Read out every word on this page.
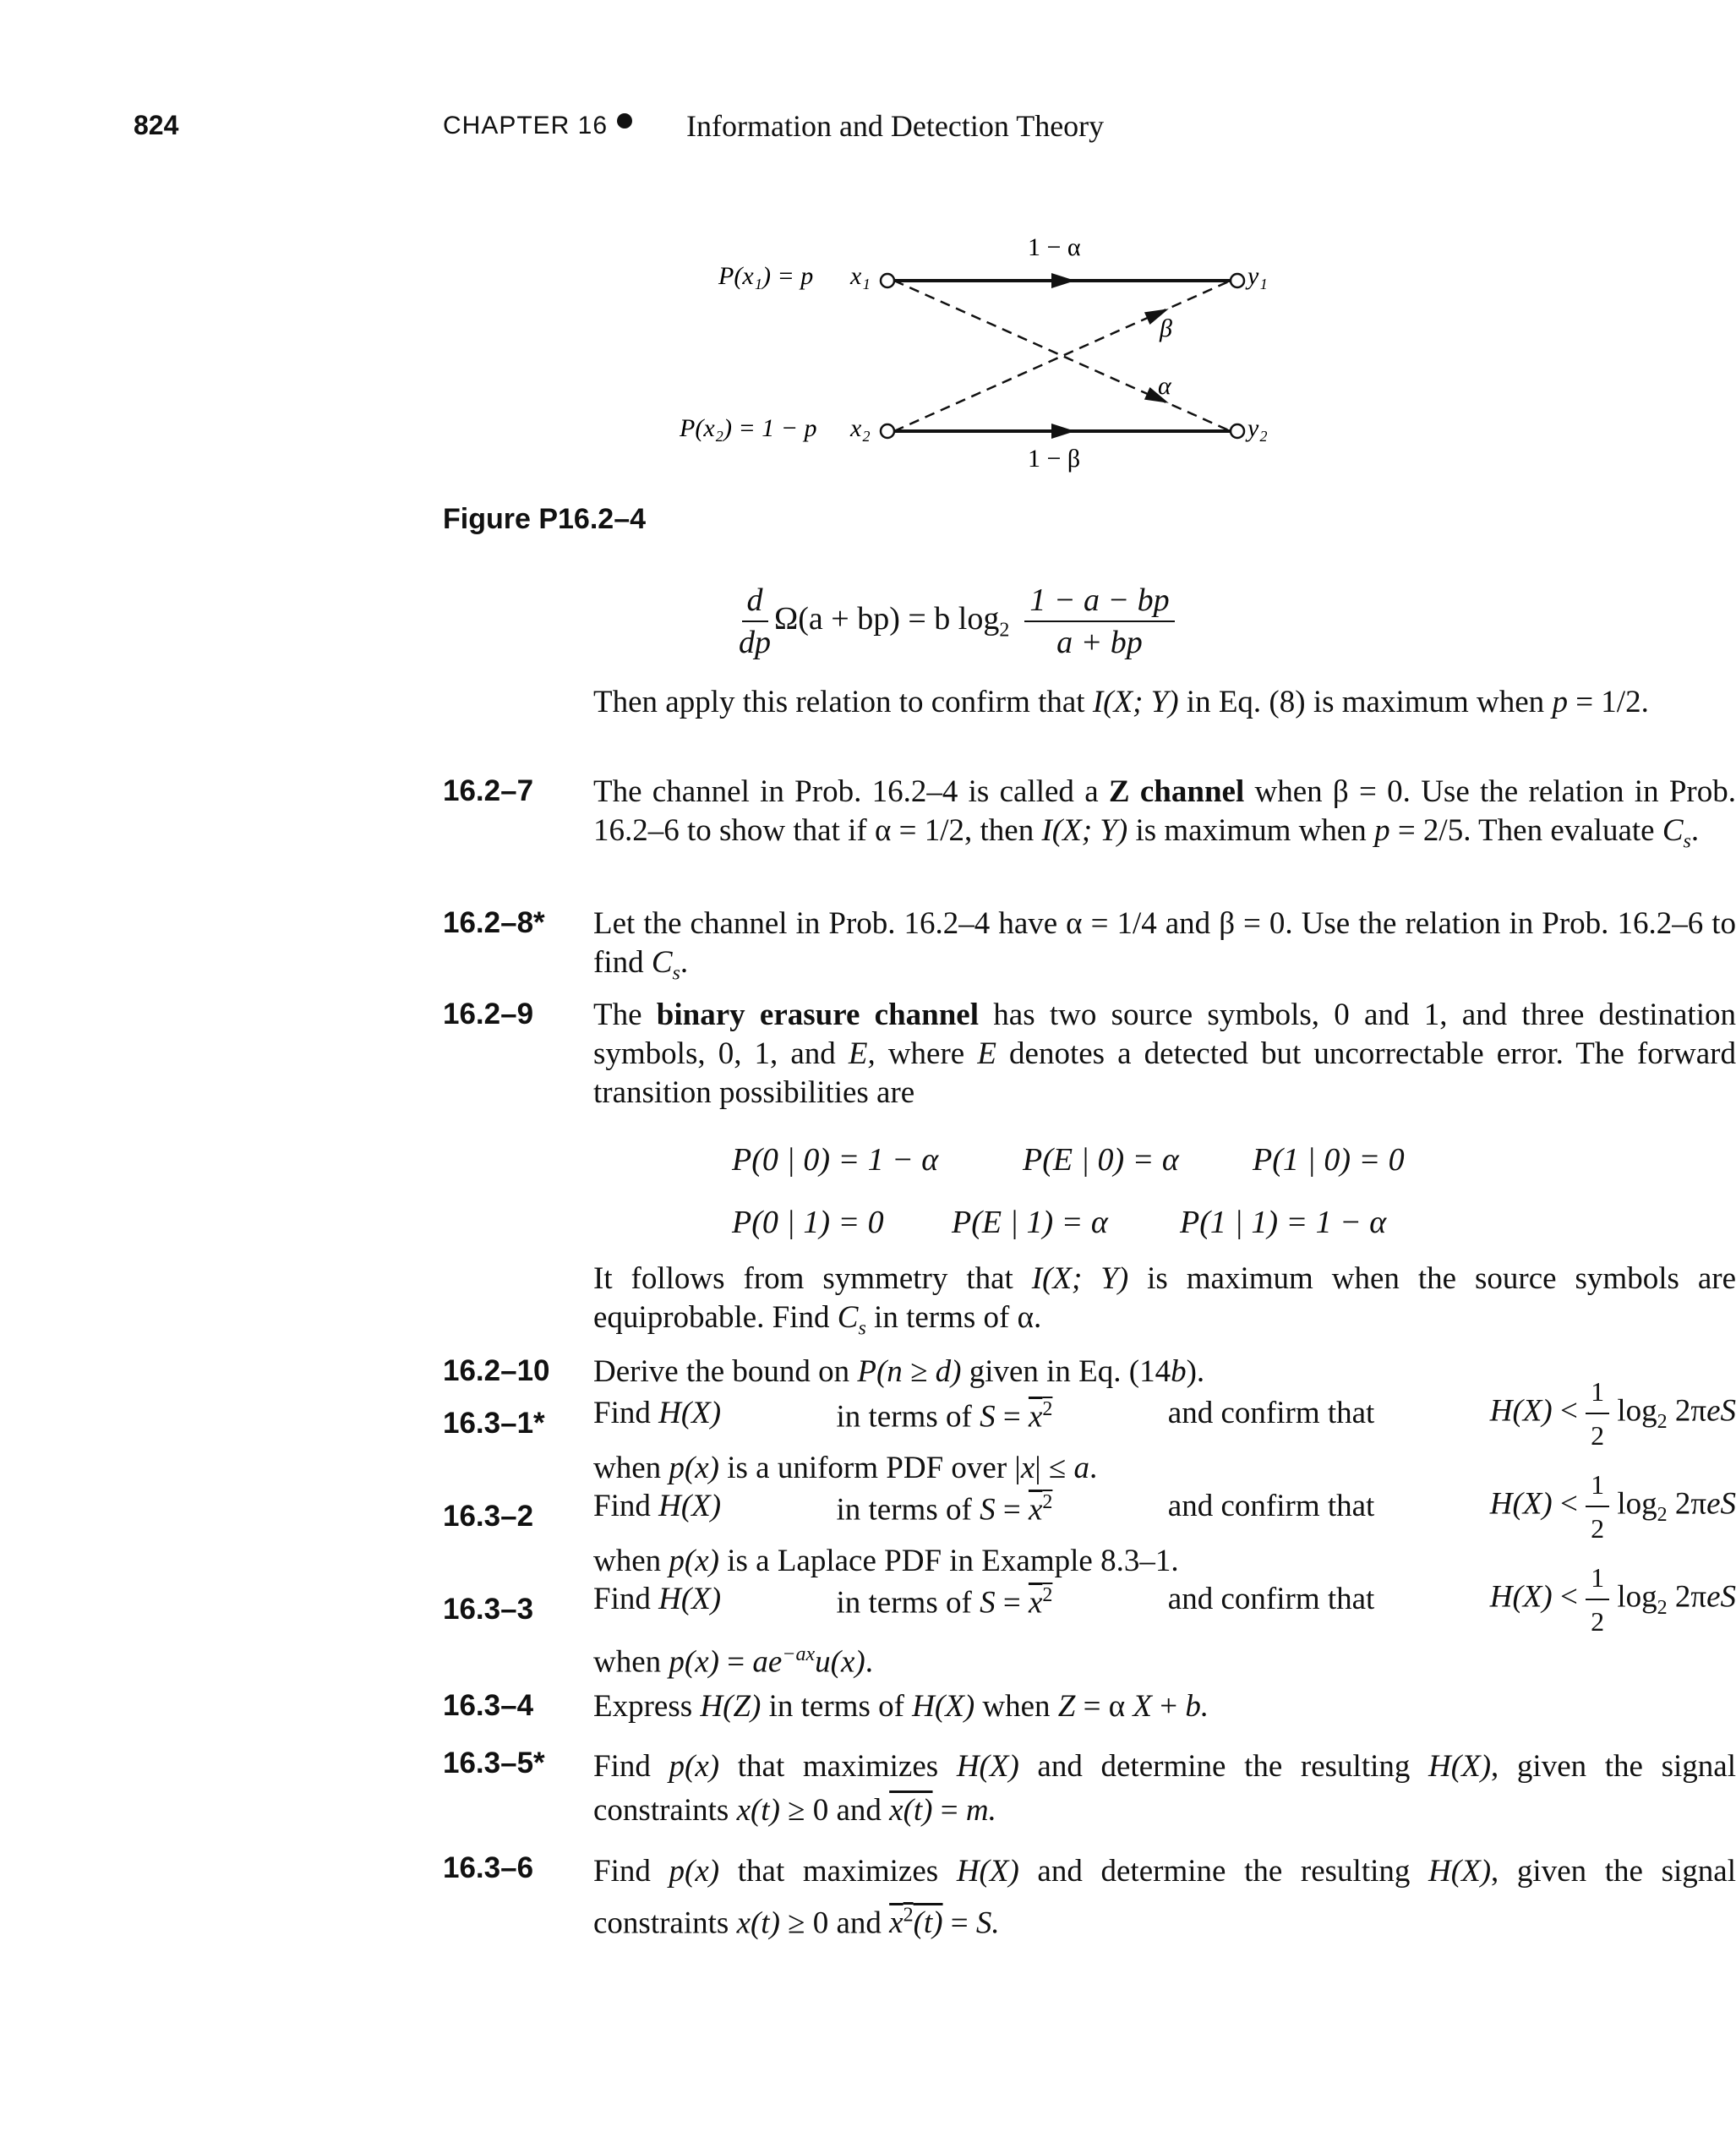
824	CHAPTER 16	Information and Detection Theory
P(x₁) = p
P(x₂) = 1 − p
x₁
x₂
y₁
y₂
1 − α
1 − β
β
α
Figure P16.2–4
$\frac{d}{dp} \Omega(a + bp) = b$ $\log_2 \frac{1 - a - bp}{a + bp}$
Then apply this relation to confirm that I(X; Y) in Eq. (8) is maximum when p = 1/2.
16.2–7 The channel in Prob. 16.2–4 is called a Z channel when β = 0. Use the relation in Prob. 16.2–6 to show that if α = 1/2, then I(X; Y) is maximum when p = 2/5. Then evaluate $C_s$.
16.2–8* Let the channel in Prob. 16.2–4 have α = 1/4 and β = 0. Use the relation in Prob. 16.2–6 to find $C_s$.
16.2–9 The binary erasure channel has two source symbols, 0 and 1, and three destination symbols, 0, 1, and E, where E denotes a detected but uncorrectable error. The forward transition possibilities are
P(0 | 0) = 1 − α	P(E | 0) = α P(1 | 0) = 0
P(0 | 1) = 0 P(E | 1) = α P(1 | 1) = 1 − α
It follows from symmetry that I(X; Y) is maximum when the source symbols are equiprobable. Find $C_s$ in terms of α.
16.2–10 Derive the bound on P(n ≥ d) given in Eq. (14b).
16.3–1* Find H(X)	in terms of $S = \overline{x}^2$	and confirm that	$H(X) < \frac{1}{2} \log_2 2\pi eS$
when p(x) is a uniform PDF over |x| ≤ a.
16.3–2 Find H(X)	in terms of $S = \overline{x}^2$	and confirm that	$H(X) < \frac{1}{2} \log_2 2\pi eS$
when p(x) is a Laplace PDF in Example 8.3–1.
16.3–3 Find H(X)	in terms of $S = \overline{x}^2$	and confirm that	$H(X) < \frac{1}{2} \log_2 2\pi eS$
when $p(x) = ae^{-ax}u(x)$.
16.3–4 Express H(Z) in terms of H(X) when Z = α X + b.
16.3–5* Find p(x) that maximizes H(X) and determine the resulting H(X), given the signal constraints x(t) ≥ 0 and x(t) = m.
16.3–6 Find p(x) that maximizes H(X) and determine the resulting H(X), given the signal constraints x(t) ≥ 0 and $x^2(t) = S$.
